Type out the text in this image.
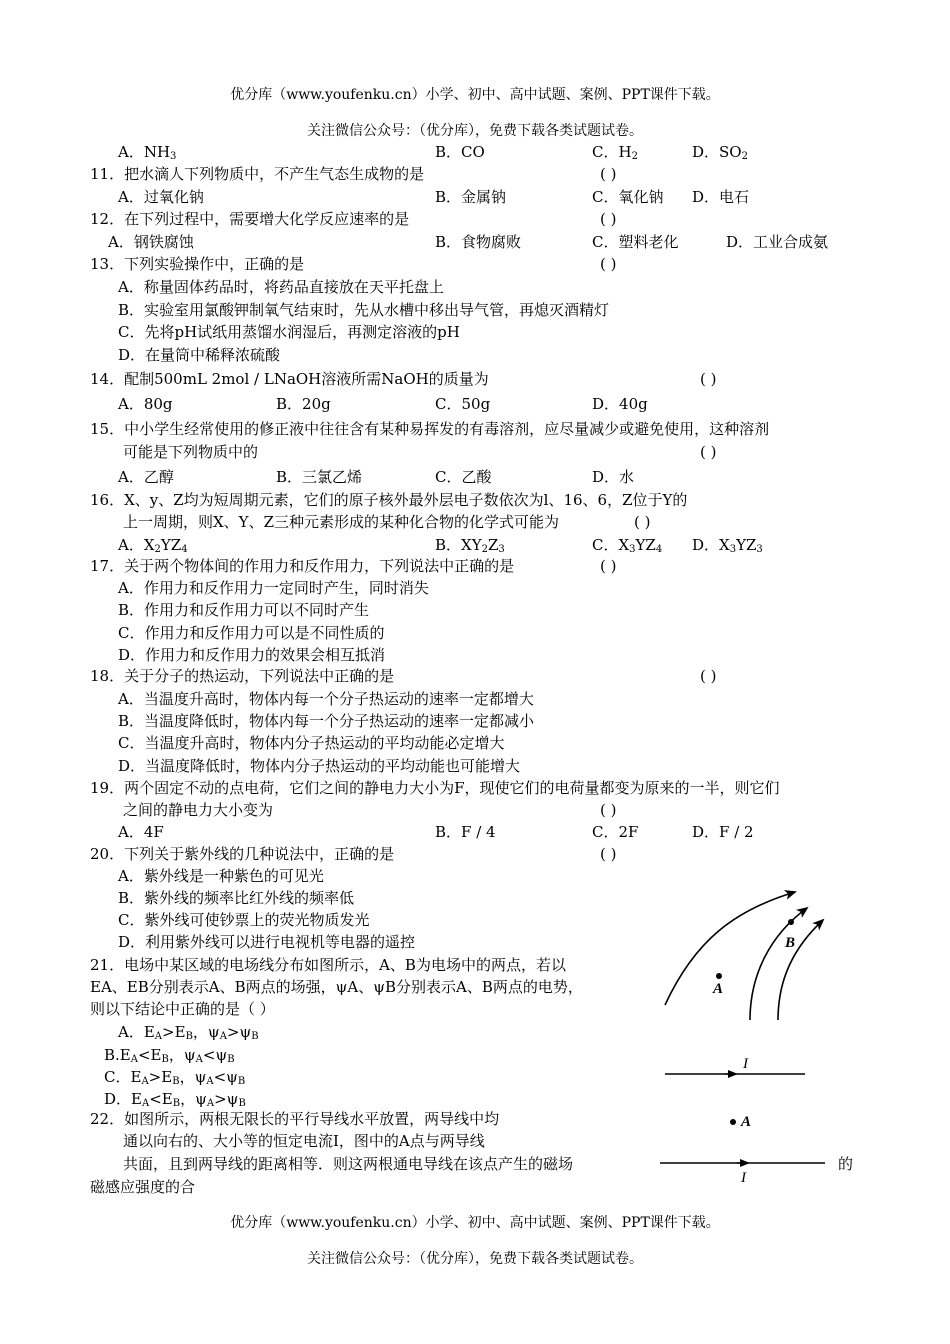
优分库（www.youfenku.cn）小学、初中、高中试题、案例、PPT课件下载。
关注微信公众号：（优分库），免费下载各类试题试卷。
A．$NH_3$	B．CO	C．$H_2$	D．$SO_2$
11．把水滴人下列物质中，不产生气态生成物的是	( )
A．过氧化钠	B．金属钠	C．氧化钠 D．电石
12．在下列过程中，需要增大化学反应速率的是	( )
A．钢铁腐蚀	B．食物腐败	C．塑料老化	D．工业合成氨
13．下列实验操作中，正确的是	( )
A．称量固体药品时，将药品直接放在天平托盘上
B．实验室用氯酸钾制氧气结束时，先从水槽中移出导气管，再熄灭酒精灯
C．先将pH试纸用蒸馏水润湿后，再测定溶液的pH
D．在量筒中稀释浓硫酸
14．配制500mL 2mol / LNaOH溶液所需NaOH的质量为	( )
A．80g	B．20g	C．50g	D．40g
15．中小学生经常使用的修正液中往往含有某种易挥发的有毒溶剂，应尽量减少或避免使用，这种溶剂
可能是下列物质中的	( )
A．乙醇	B．三氯乙烯	C．乙酸	D．水
16．X、y、Z均为短周期元素，它们的原子核外最外层电子数依次为l、16、6，Z位于Y的
上一周期，则X、Y、Z三种元素形成的某种化合物的化学式可能为	( )
A．$X_2YZ_4$	B．$XY_2Z_3$	C．$X_3YZ_4$ D．$X_3YZ_3$
17．关于两个物体间的作用力和反作用力，下列说法中正确的是	( )
A．作用力和反作用力一定同时产生，同时消失
B．作用力和反作用力可以不同时产生
C．作用力和反作用力可以是不同性质的
D．作用力和反作用力的效果会相互抵消
18．关于分子的热运动，下列说法中正确的是	( )
A．当温度升高时，物体内每一个分子热运动的速率一定都增大
B．当温度降低时，物体内每一个分子热运动的速率一定都减小
C．当温度升高时，物体内分子热运动的平均动能必定增大
D．当温度降低时，物体内分子热运动的平均动能也可能增大
19．两个固定不动的点电荷，它们之间的静电力大小为F，现使它们的电荷量都变为原来的一半，则它们
之间的静电力大小变为	( )
A．4F	B．F / 4	C．2F	D．F / 2
20．下列关于紫外线的几种说法中，正确的是	( )
A．紫外线是一种紫色的可见光
B．紫外线的频率比红外线的频率低
C．紫外线可使钞票上的荧光物质发光
D．利用紫外线可以进行电视机等电器的遥控
21．电场中某区域的电场线分布如图所示，A、B为电场中的两点，若以
EA、EB分别表示A、B两点的场强，ψA、ψB分别表示A、B两点的电势，
则以下结论中正确的是（ ）
A．$E_A>E_B$，$\psi_A>\psi_B$
$B.E_A<E_B$，$\psi_A<\psi_B$
C．$E_A>E_B$，$\psi_A<\psi_B$
D．$E_A<E_B$，$\psi_A>\psi_B$
A
B
22．如图所示，两根无限长的平行导线水平放置，两导线中均
通以向右的、大小等的恒定电流I，图中的A点与两导线
共面，且到两导线的距离相等．则这两根通电导线在该点产生的磁场	的
磁感应强度的合
I
A
I
优分库（www.youfenku.cn）小学、初中、高中试题、案例、PPT课件下载。
关注微信公众号：（优分库），免费下载各类试题试卷。
